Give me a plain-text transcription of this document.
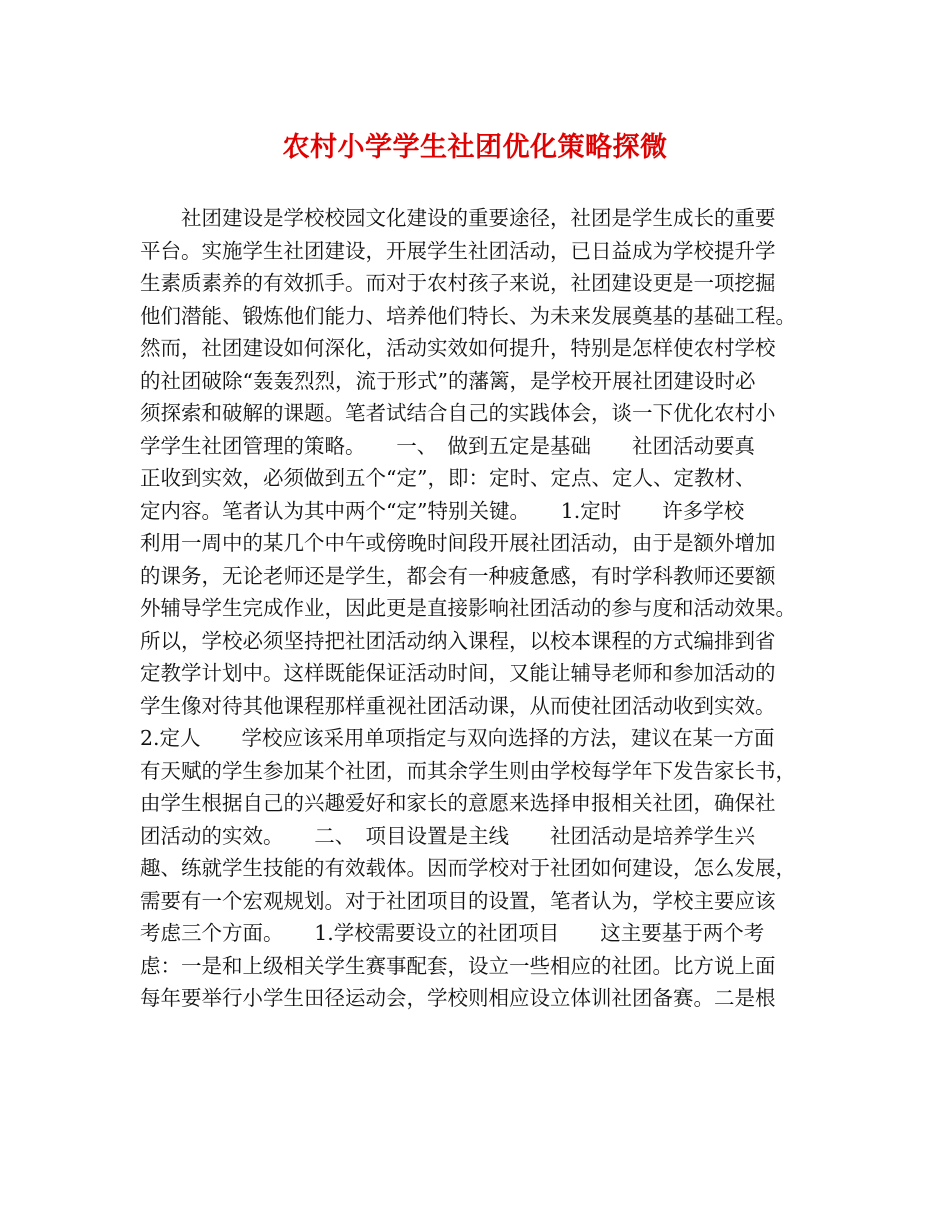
农村小学学生社团优化策略探微
　　社团建设是学校校园文化建设的重要途径，社团是学生成长的重要
平台。实施学生社团建设，开展学生社团活动，已日益成为学校提升学
生素质素养的有效抓手。而对于农村孩子来说，社团建设更是一项挖掘
他们潜能、锻炼他们能力、培养他们特长、为未来发展奠基的基础工程。
然而，社团建设如何深化，活动实效如何提升，特别是怎样使农村学校
的社团破除“轰轰烈烈，流于形式”的藩篱，是学校开展社团建设时必
须探索和破解的课题。笔者试结合自己的实践体会，谈一下优化农村小
学学生社团管理的策略。　　一、　做到五定是基础　　社团活动要真
正收到实效，必须做到五个“定”，即：定时、定点、定人、定教材、
定内容。笔者认为其中两个“定”特别关键。　　1.定时　　许多学校
利用一周中的某几个中午或傍晚时间段开展社团活动，由于是额外增加
的课务，无论老师还是学生，都会有一种疲惫感，有时学科教师还要额
外辅导学生完成作业，因此更是直接影响社团活动的参与度和活动效果。
所以，学校必须坚持把社团活动纳入课程，以校本课程的方式编排到省
定教学计划中。这样既能保证活动时间，又能让辅导老师和参加活动的
学生像对待其他课程那样重视社团活动课，从而使社团活动收到实效。
2.定人　　学校应该采用单项指定与双向选择的方法，建议在某一方面
有天赋的学生参加某个社团，而其余学生则由学校每学年下发告家长书，
由学生根据自己的兴趣爱好和家长的意愿来选择申报相关社团，确保社
团活动的实效。　　二、　项目设置是主线　　社团活动是培养学生兴
趣、练就学生技能的有效载体。因而学校对于社团如何建设，怎么发展，
需要有一个宏观规划。对于社团项目的设置，笔者认为，学校主要应该
考虑三个方面。　　1.学校需要设立的社团项目　　这主要基于两个考
虑：一是和上级相关学生赛事配套，设立一些相应的社团。比方说上面
每年要举行小学生田径运动会，学校则相应设立体训社团备赛。二是根
